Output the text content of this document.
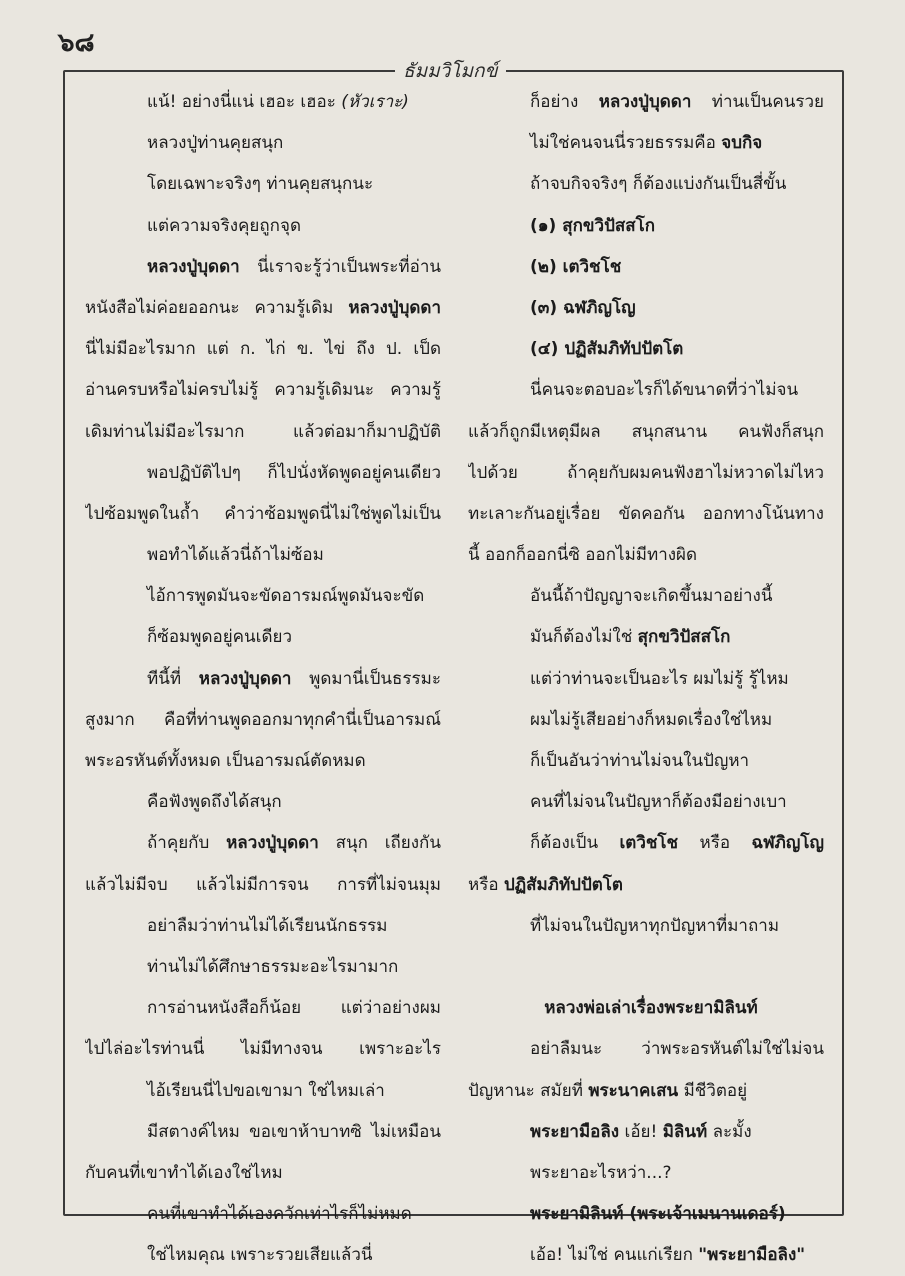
๖๘
ธัมมวิโมกข์
แน้! อย่างนี่แน่ เฮอะ เฮอะ (หัวเราะ)
หลวงปู่ท่านคุยสนุก
โดยเฉพาะจริงๆ ท่านคุยสนุกนะ
แต่ความจริงคุยถูกจุด
หลวงปู่บุดดา นี่เราจะรู้ว่าเป็นพระที่อ่าน
หนังสือไม่ค่อยออกนะ ความรู้เดิม หลวงปู่บุดดา
นี่ไม่มีอะไรมาก แต่ ก. ไก่ ข. ไข่ ถึง ป. เป็ด
อ่านครบหรือไม่ครบไม่รู้ ความรู้เดิมนะ ความรู้
เดิมท่านไม่มีอะไรมาก แล้วต่อมาก็มาปฏิบัติ
พอปฏิบัติไปๆ ก็ไปนั่งหัดพูดอยู่คนเดียว
ไปซ้อมพูดในถ้ำ คำว่าซ้อมพูดนี่ไม่ใช่พูดไม่เป็น
พอทำได้แล้วนี่ถ้าไม่ซ้อม
ไอ้การพูดมันจะขัดอารมณ์พูดมันจะขัด
ก็ซ้อมพูดอยู่คนเดียว
ทีนี้ที่ หลวงปู่บุดดา พูดมานี่เป็นธรรมะ
สูงมาก คือที่ท่านพูดออกมาทุกคำนี่เป็นอารมณ์
พระอรหันต์ทั้งหมด เป็นอารมณ์ตัดหมด
คือฟังพูดถึงได้สนุก
ถ้าคุยกับ หลวงปู่บุดดา สนุก เถียงกัน
แล้วไม่มีจบ แล้วไม่มีการจน การที่ไม่จนมุม
อย่าลืมว่าท่านไม่ได้เรียนนักธรรม
ท่านไม่ได้ศึกษาธรรมะอะไรมามาก
การอ่านหนังสือก็น้อย แต่ว่าอย่างผม
ไปไล่อะไรท่านนี่ ไม่มีทางจน เพราะอะไร
ไอ้เรียนนี่ไปขอเขามา ใช่ไหมเล่า
มีสตางค์ไหม ขอเขาห้าบาทซิ ไม่เหมือน
กับคนที่เขาทำได้เองใช่ไหม
คนที่เขาทำได้เองควักเท่าไรก็ไม่หมด
ใช่ไหมคุณ เพราะรวยเสียแล้วนี่
ก็อย่าง หลวงปู่บุดดา ท่านเป็นคนรวย
ไม่ใช่คนจนนี่รวยธรรมคือ จบกิจ
ถ้าจบกิจจริงๆ ก็ต้องแบ่งกันเป็นสี่ขั้น
(๑) สุกขวิปัสสโก
(๒) เตวิชโช
(๓) ฉฬภิญโญ
(๔) ปฏิสัมภิทัปปัตโต
นี่คนจะตอบอะไรก็ได้ขนาดที่ว่าไม่จน
แล้วก็ถูกมีเหตุมีผล สนุกสนาน คนฟังก็สนุก
ไปด้วย ถ้าคุยกับผมคนฟังฮาไม่หวาดไม่ไหว
ทะเลาะกันอยู่เรื่อย ขัดคอกัน ออกทางโน้นทาง
นี้ ออกก็ออกนี่ซิ ออกไม่มีทางผิด
อันนี้ถ้าปัญญาจะเกิดขึ้นมาอย่างนี้
มันก็ต้องไม่ใช่ สุกขวิปัสสโก
แต่ว่าท่านจะเป็นอะไร ผมไม่รู้ รู้ไหม
ผมไม่รู้เสียอย่างก็หมดเรื่องใช่ไหม
ก็เป็นอันว่าท่านไม่จนในปัญหา
คนที่ไม่จนในปัญหาก็ต้องมีอย่างเบา
ก็ต้องเป็น เตวิชโช หรือ ฉฬภิญโญ
หรือ ปฏิสัมภิทัปปัตโต
ที่ไม่จนในปัญหาทุกปัญหาที่มาถาม
หลวงพ่อเล่าเรื่องพระยามิลินท์
อย่าลืมนะ ว่าพระอรหันต์ไม่ใช่ไม่จน
ปัญหานะ สมัยที่ พระนาคเสน มีชีวิตอยู่
พระยามือลิง เอ้ย! มิลินท์ ละมั้ง
พระยาอะไรหว่า...?
พระยามิลินท์ (พระเจ้าเมนานเดอร์)
เอ้อ! ไม่ใช่ คนแก่เรียก "พระยามือลิง"
